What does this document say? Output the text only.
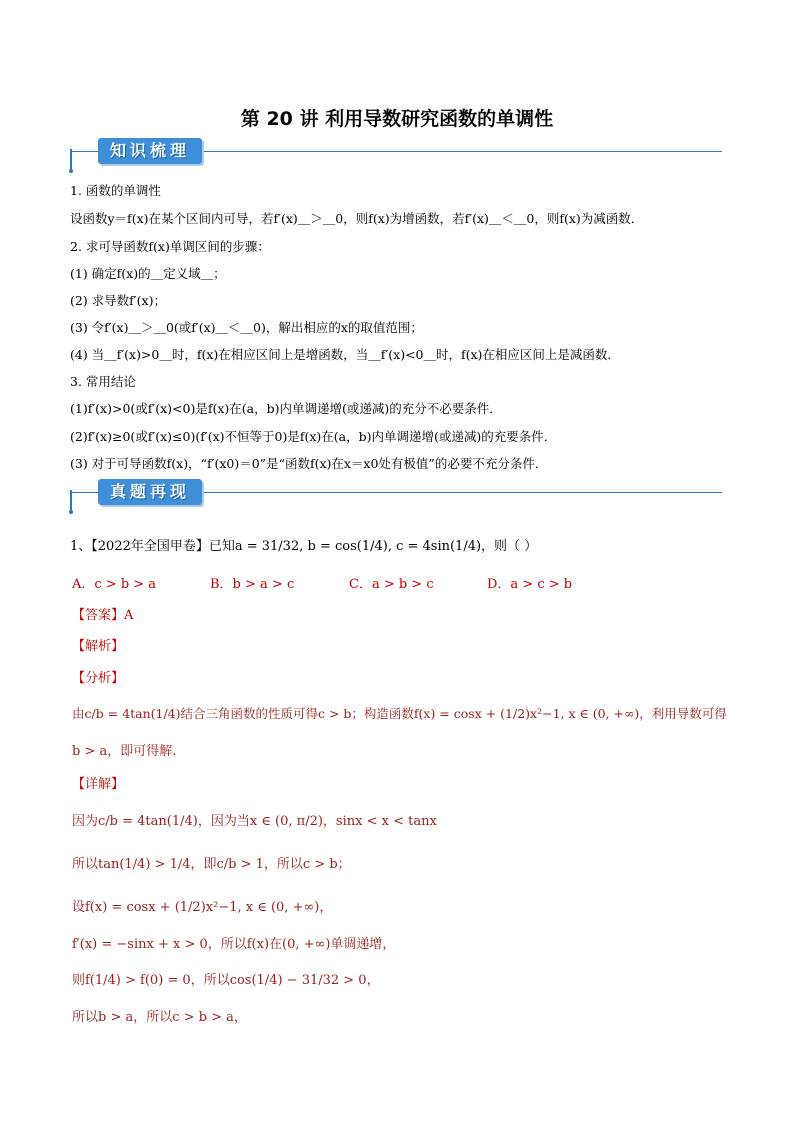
第 20 讲 利用导数研究函数的单调性
知识梳理
1. 函数的单调性
设函数y＝f(x)在某个区间内可导，若f′(x)＿＞＿0，则f(x)为增函数，若f′(x)＿＜＿0，则f(x)为减函数．
2. 求可导函数f(x)单调区间的步骤：
(1) 确定f(x)的＿定义域＿；
(2) 求导数f′(x)；
(3) 令f′(x)＿＞＿0(或f′(x)＿＜＿0)，解出相应的x的取值范围；
(4) 当＿f′(x)>0＿时，f(x)在相应区间上是增函数，当＿f′(x)<0＿时，f(x)在相应区间上是减函数．
3. 常用结论
(1)f′(x)>0(或f′(x)<0)是f(x)在(a，b)内单调递增(或递减)的充分不必要条件．
(2)f′(x)≥0(或f′(x)≤0)(f′(x)不恒等于0)是f(x)在(a，b)内单调递增(或递减)的充要条件．
(3) 对于可导函数f(x)，“f′(x0)＝0”是“函数f(x)在x＝x0处有极值”的必要不充分条件．
真题再现
1、【2022年全国甲卷】已知a = 31/32, b = cos(1/4), c = 4sin(1/4)，则（ ）
A．c > b > a	B．b > a > c	C．a > b > c	D．a > c > b
【答案】A
【解析】
【分析】
由c/b = 4tan(1/4)结合三角函数的性质可得c > b；构造函数f(x) = cosx + (1/2)x²−1, x ∈ (0, +∞)，利用导数可得
b > a，即可得解.
【详解】
因为c/b = 4tan(1/4)，因为当x ∈ (0, π/2)，sinx < x < tanx
所以tan(1/4) > 1/4，即c/b > 1，所以c > b；
设f(x) = cosx + (1/2)x²−1, x ∈ (0, +∞)，
f′(x) = −sinx + x > 0，所以f(x)在(0, +∞)单调递增，
则f(1/4) > f(0) = 0，所以cos(1/4) − 31/32 > 0，
所以b > a，所以c > b > a，
